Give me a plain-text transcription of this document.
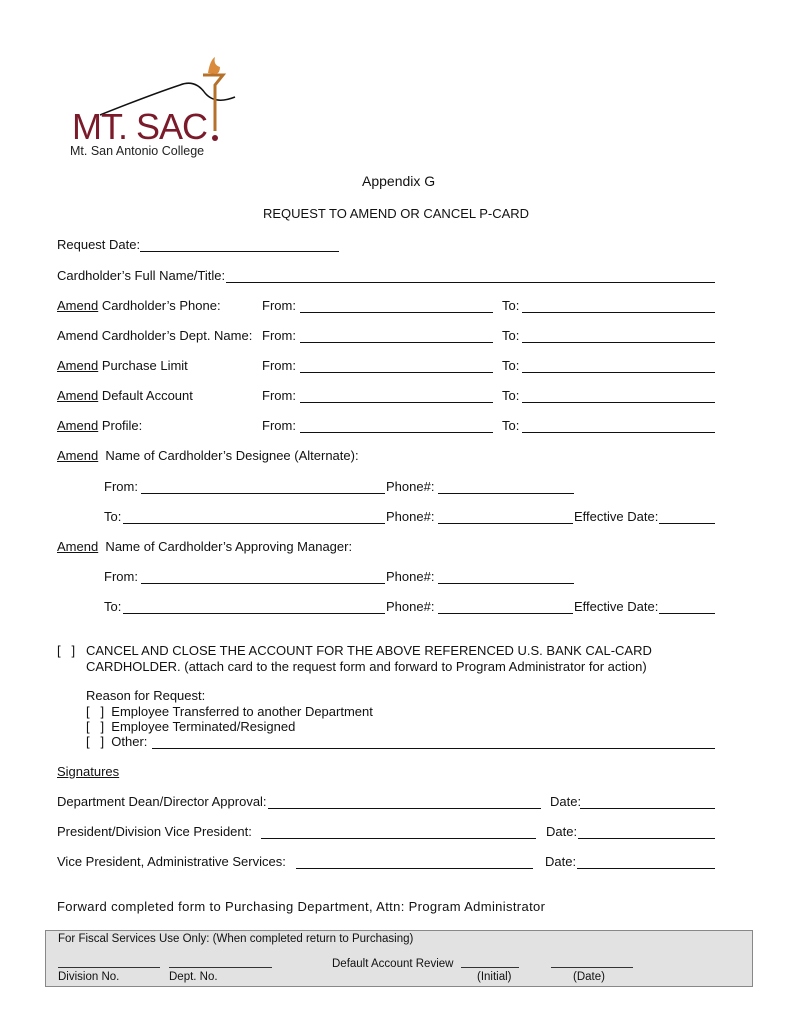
MT. SAC
Mt. San Antonio College
Appendix G
REQUEST TO AMEND OR CANCEL P-CARD
Request Date:
Cardholder’s Full Name/Title:
Amend Cardholder’s Phone:	From:	To:
Amend Cardholder’s Dept. Name: From:	To:
Amend Purchase Limit	From:	To:
Amend Default Account	From:	To:
Amend Profile:	From:	To:
Amend  Name of Cardholder’s Designee (Alternate):
From:	Phone#:
To:	Phone#:	Effective Date:
Amend  Name of Cardholder’s Approving Manager:
From:	Phone#:
To:	Phone#:	Effective Date:
[   ] CANCEL AND CLOSE THE ACCOUNT FOR THE ABOVE REFERENCED U.S. BANK CAL-CARD
CARDHOLDER. (attach card to the request form and forward to Program Administrator for action)
Reason for Request:
[   ]  Employee Transferred to another Department
[   ]  Employee Terminated/Resigned
[   ]  Other:
Signatures
Department Dean/Director Approval:	Date:
President/Division Vice President:	Date:
Vice President, Administrative Services:	Date:
Forward completed form to Purchasing Department, Attn: Program Administrator
For Fiscal Services Use Only: (When completed return to Purchasing)
Default Account Review
Division No.	Dept. No.	(Initial)	(Date)
